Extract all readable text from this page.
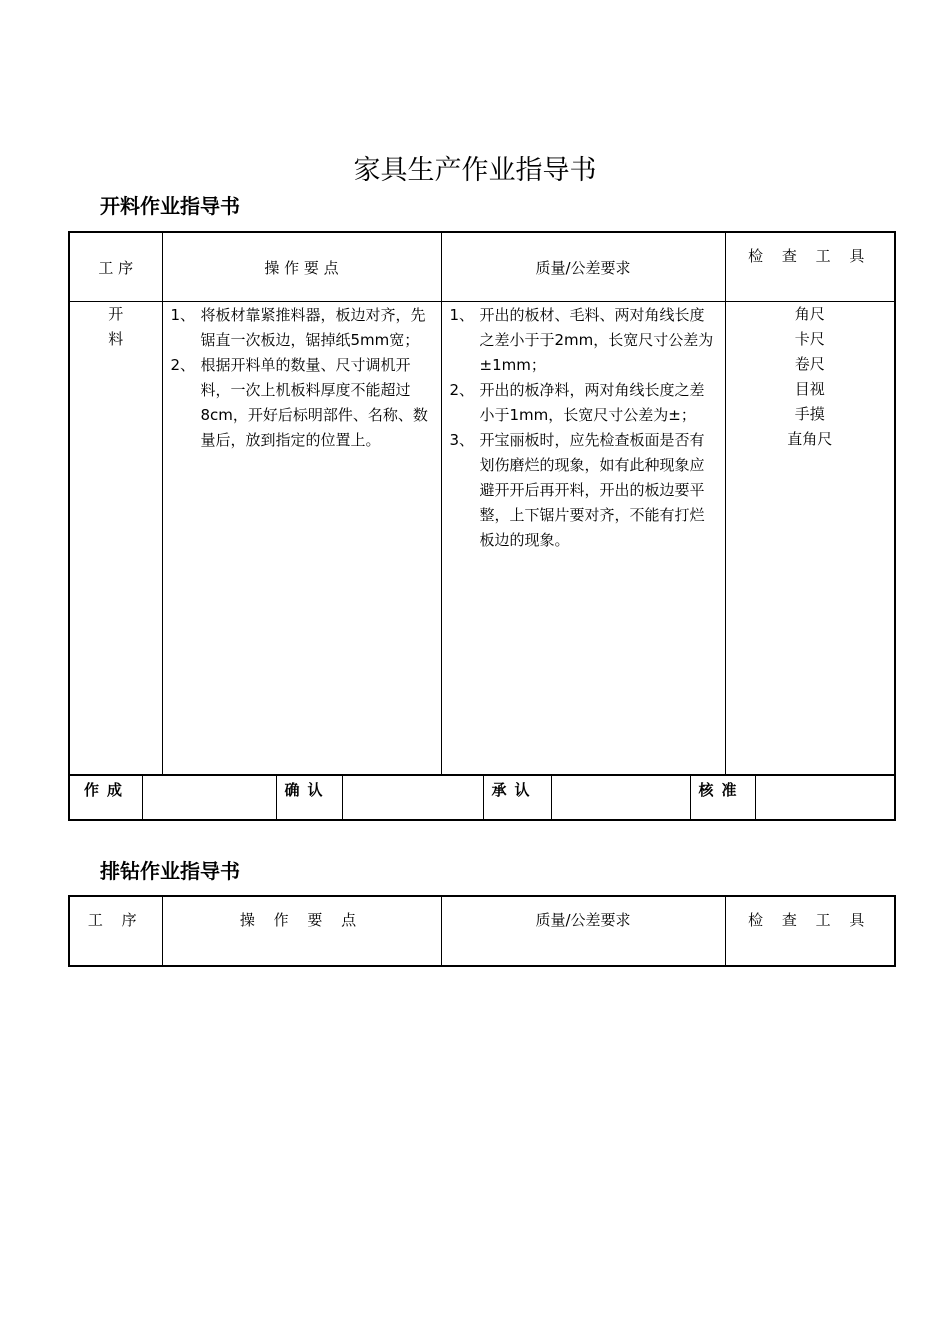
家具生产作业指导书
开料作业指导书
工 序	操 作 要 点	质量/公差要求	检 查 工 具

开
料

1、 将板材靠紧推料器，板边对齐，先锯直一次板边，锯掉纸5mm宽；
2、 根据开料单的数量、尺寸调机开料，一次上机板料厚度不能超过8cm，开好后标明部件、名称、数量后，放到指定的位置上。

1、 开出的板材、毛料、两对角线长度之差小于于2mm，长宽尺寸公差为±1mm；
2、 开出的板净料，两对角线长度之差小于1mm，长宽尺寸公差为±；
3、 开宝丽板时，应先检查板面是否有划伤磨烂的现象，如有此种现象应避开开后再开料，开出的板边要平整，上下锯片要对齐，不能有打烂板边的现象。

角尺
卡尺
卷尺
目视
手摸
直角尺

作成		确认		承认		核准	
排钻作业指导书
工 序	操 作 要 点	质量/公差要求	检 查 工 具
